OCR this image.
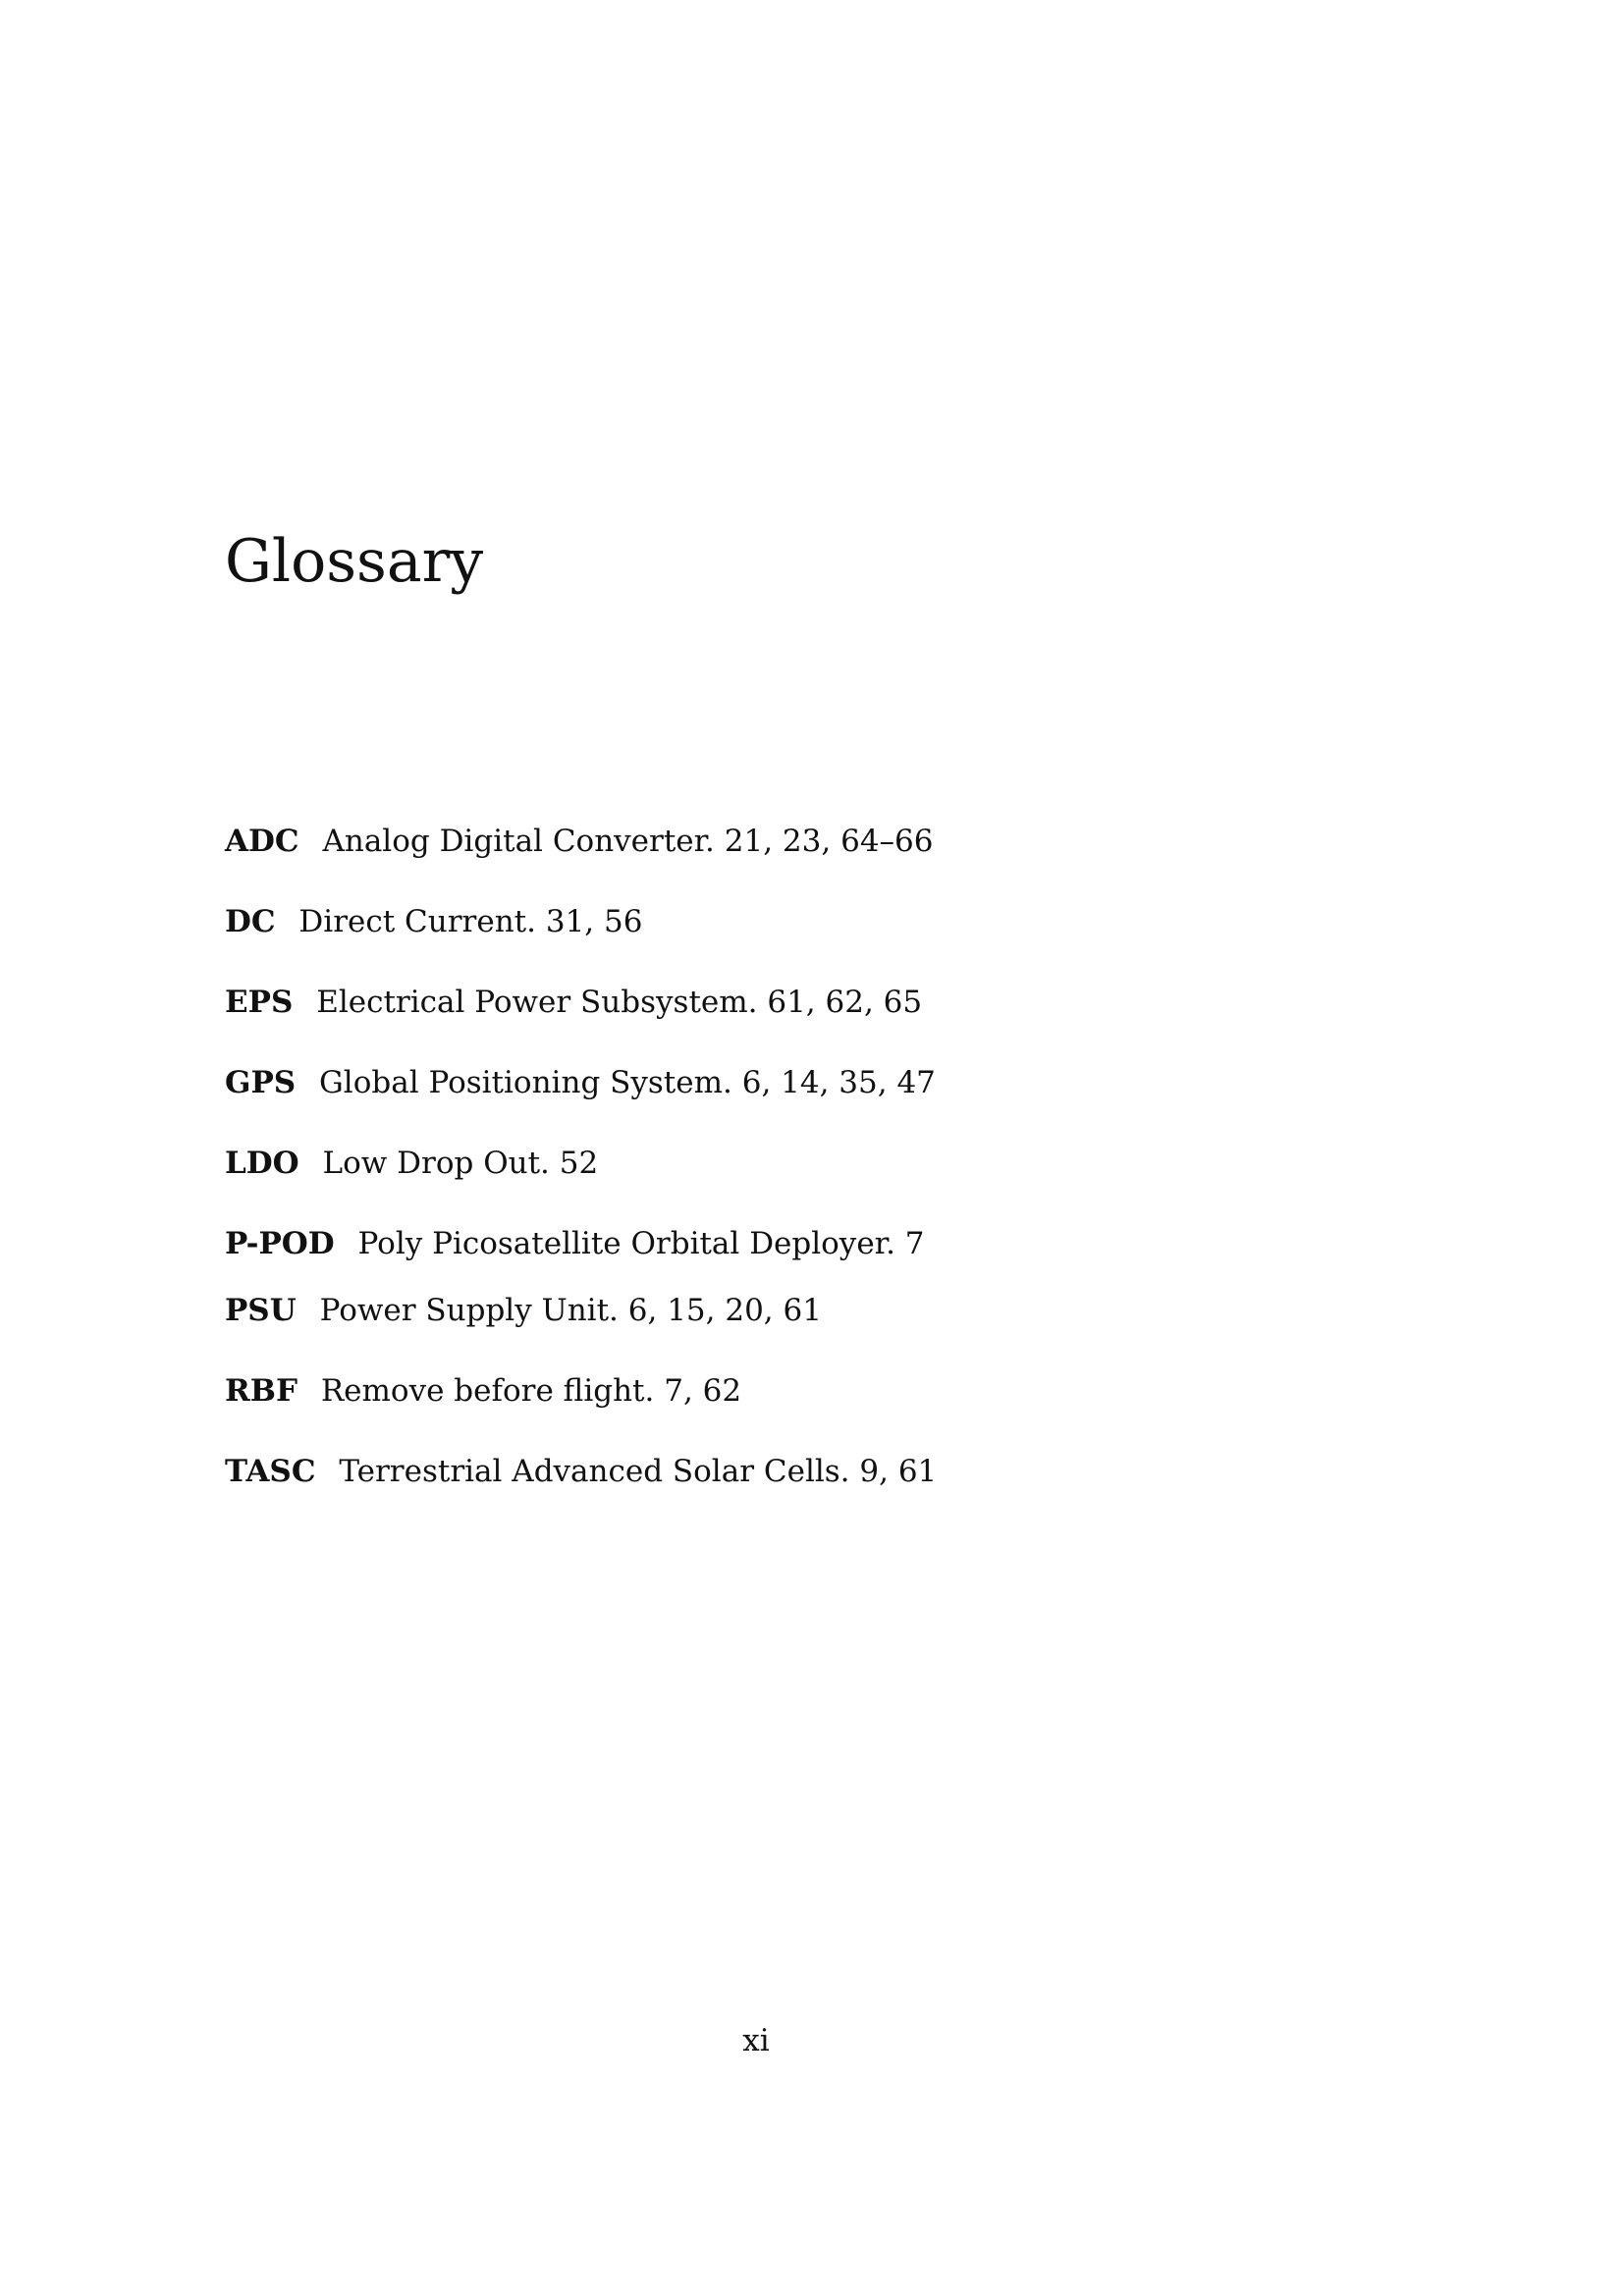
Glossary
ADC Analog Digital Converter. 21, 23, 64–66
DC Direct Current. 31, 56
EPS Electrical Power Subsystem. 61, 62, 65
GPS Global Positioning System. 6, 14, 35, 47
LDO Low Drop Out. 52
P-POD Poly Picosatellite Orbital Deployer. 7
PSU Power Supply Unit. 6, 15, 20, 61
RBF Remove before flight. 7, 62
TASC Terrestrial Advanced Solar Cells. 9, 61
xi
